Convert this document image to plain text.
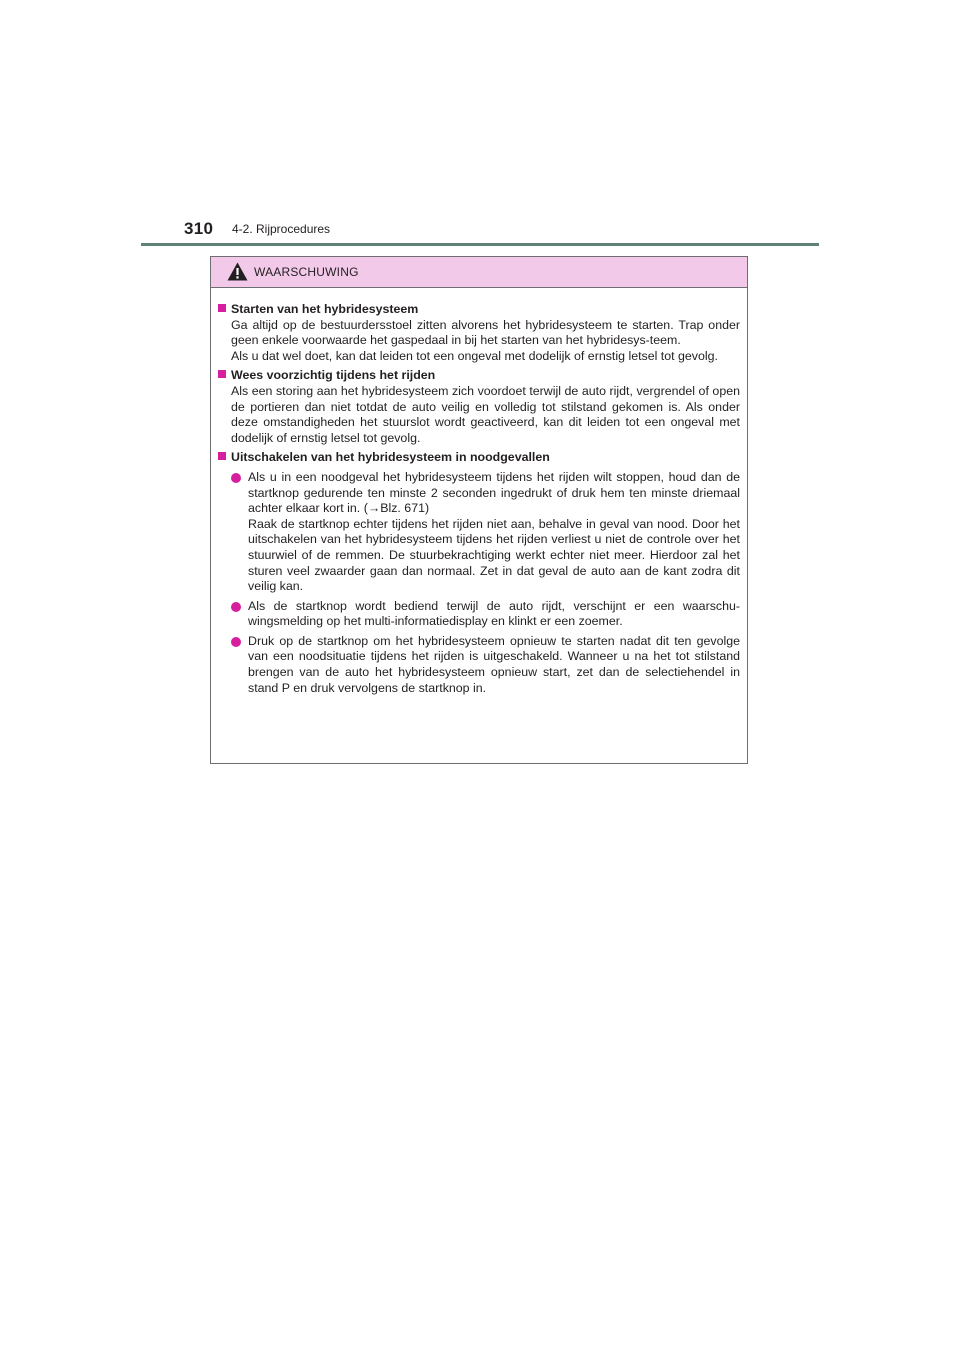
310 4-2. Rijprocedures
WAARSCHUWING
Starten van het hybridesysteem
Ga altijd op de bestuurdersstoel zitten alvorens het hybridesysteem te starten. Trap onder geen enkele voorwaarde het gaspedaal in bij het starten van het hybridesys-teem.
Als u dat wel doet, kan dat leiden tot een ongeval met dodelijk of ernstig letsel tot gevolg.
Wees voorzichtig tijdens het rijden
Als een storing aan het hybridesysteem zich voordoet terwijl de auto rijdt, vergrendel of open de portieren dan niet totdat de auto veilig en volledig tot stilstand gekomen is. Als onder deze omstandigheden het stuurslot wordt geactiveerd, kan dit leiden tot een ongeval met dodelijk of ernstig letsel tot gevolg.
Uitschakelen van het hybridesysteem in noodgevallen
Als u in een noodgeval het hybridesysteem tijdens het rijden wilt stoppen, houd dan de startknop gedurende ten minste 2 seconden ingedrukt of druk hem ten minste driemaal achter elkaar kort in. (→Blz. 671)
Raak de startknop echter tijdens het rijden niet aan, behalve in geval van nood. Door het uitschakelen van het hybridesysteem tijdens het rijden verliest u niet de controle over het stuurwiel of de remmen. De stuurbekrachtiging werkt echter niet meer. Hierdoor zal het sturen veel zwaarder gaan dan normaal. Zet in dat geval de auto aan de kant zodra dit veilig kan.
Als de startknop wordt bediend terwijl de auto rijdt, verschijnt er een waarschu-wingsmelding op het multi-informatiedisplay en klinkt er een zoemer.
Druk op de startknop om het hybridesysteem opnieuw te starten nadat dit ten gevolge van een noodsituatie tijdens het rijden is uitgeschakeld. Wanneer u na het tot stilstand brengen van de auto het hybridesysteem opnieuw start, zet dan de selectiehendel in stand P en druk vervolgens de startknop in.
